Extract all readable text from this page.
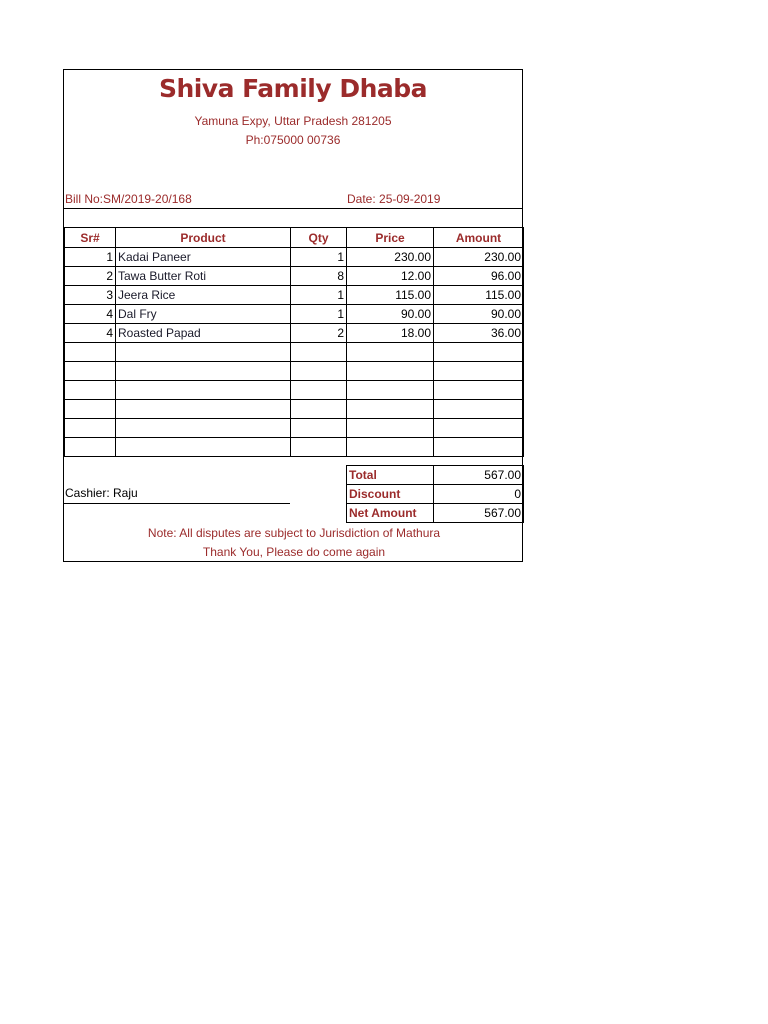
Shiva Family Dhaba
Yamuna Expy, Uttar Pradesh 281205
Ph:075000 00736
Bill No:SM/2019-20/168	Date: 25-09-2019
Sr#	Product	Qty	Price	Amount
1	Kadai Paneer	1	230.00	230.00
2	Tawa Butter Roti	8	12.00	96.00
3	Jeera Rice	1	115.00	115.00
4	Dal Fry	1	90.00	90.00
4	Roasted Papad	2	18.00	36.00

Total	567.00
Discount	0
Net Amount	567.00
Cashier: Raju
Note: All disputes are subject to Jurisdiction of Mathura
Thank You, Please do come again
